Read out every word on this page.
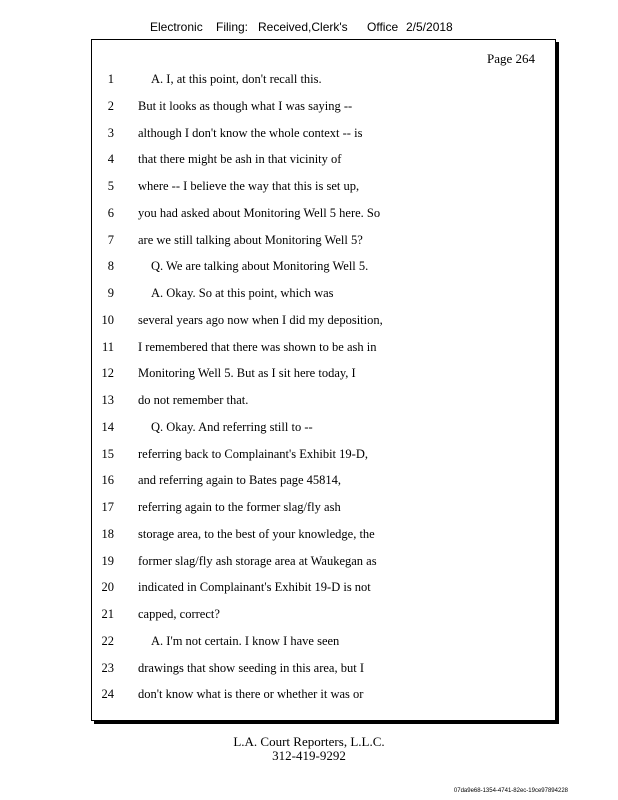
Electronic Filing: Received,Clerk's Office 2/5/2018
Page 264
1	A. I, at this point, don't recall this.
2 But it looks as though what I was saying --
3 although I don't know the whole context -- is
4 that there might be ash in that vicinity of
5 where -- I believe the way that this is set up,
6 you had asked about Monitoring Well 5 here. So
7 are we still talking about Monitoring Well 5?
8	Q. We are talking about Monitoring Well 5.
9	A. Okay. So at this point, which was
10 several years ago now when I did my deposition,
11 I remembered that there was shown to be ash in
12 Monitoring Well 5. But as I sit here today, I
13 do not remember that.
14	Q. Okay. And referring still to --
15 referring back to Complainant's Exhibit 19-D,
16 and referring again to Bates page 45814,
17 referring again to the former slag/fly ash
18 storage area, to the best of your knowledge, the
19 former slag/fly ash storage area at Waukegan as
20 indicated in Complainant's Exhibit 19-D is not
21 capped, correct?
22	A. I'm not certain. I know I have seen
23 drawings that show seeding in this area, but I
24 don't know what is there or whether it was or
L.A. Court Reporters, L.L.C.
312-419-9292
07da9e68-1354-4741-82ec-19ce97894228
